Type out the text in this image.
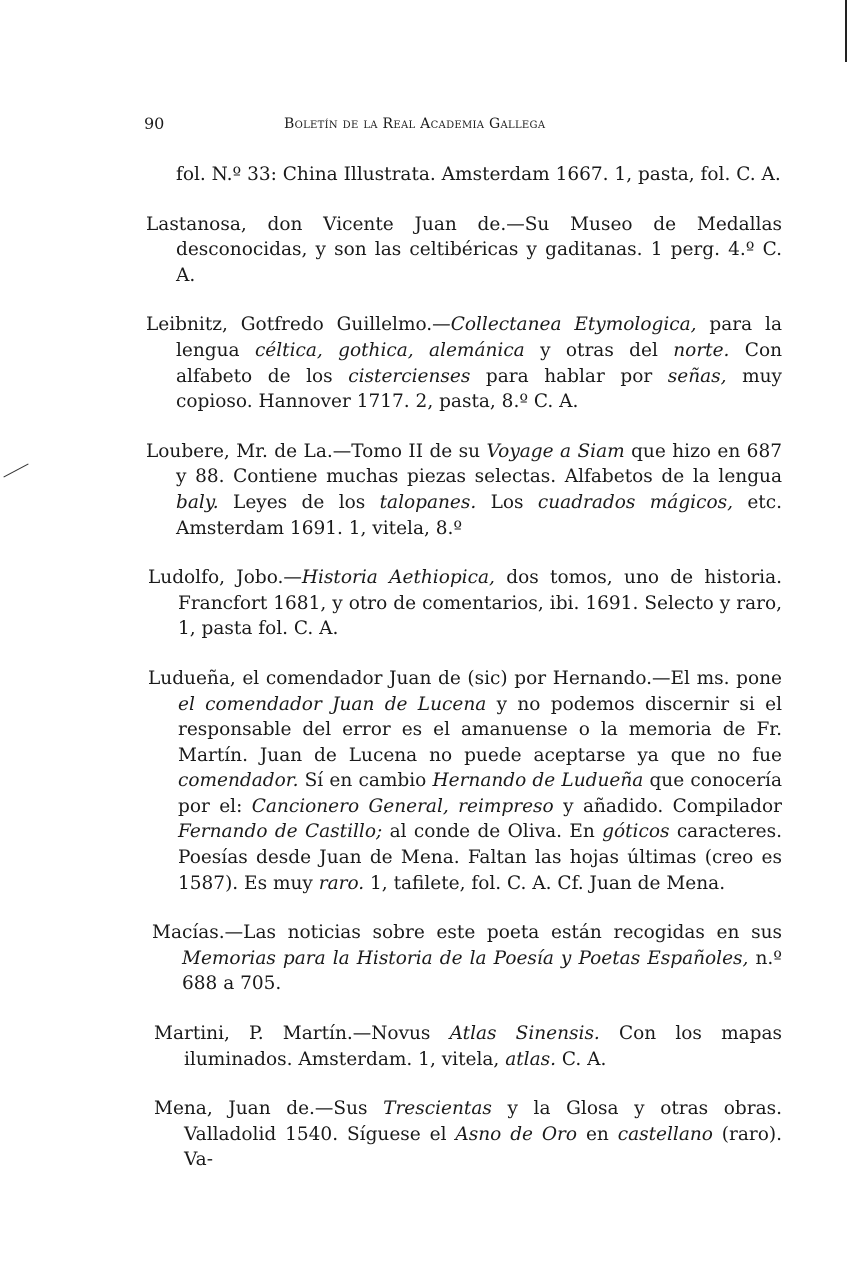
90	Boletín de la Real Academia Gallega

fol. N.º 33: China Illustrata. Amsterdam 1667. 1, pasta, fol. C. A.

Lastanosa, don Vicente Juan de.—Su Museo de Medallas desconocidas, y son las celtibéricas y gaditanas. 1 perg. 4.º C. A.

Leibnitz, Gotfredo Guillelmo.—Collectanea Etymologica, para la lengua céltica, gothica, alemánica y otras del norte. Con alfabeto de los cistercienses para hablar por señas, muy copioso. Hannover 1717. 2, pasta, 8.º C. A.

Loubere, Mr. de La.—Tomo II de su Voyage a Siam que hizo en 687 y 88. Contiene muchas piezas selectas. Alfabetos de la lengua baly. Leyes de los talopanes. Los cuadrados mágicos, etc. Amsterdam 1691. 1, vitela, 8.º

Ludolfo, Jobo.—Historia Aethiopica, dos tomos, uno de historia. Francfort 1681, y otro de comentarios, ibi. 1691. Selecto y raro, 1, pasta fol. C. A.

Ludueña, el comendador Juan de (sic) por Hernando.—El ms. pone el comendador Juan de Lucena y no podemos discernir si el responsable del error es el amanuense o la memoria de Fr. Martín. Juan de Lucena no puede aceptarse ya que no fue comendador. Sí en cambio Hernando de Ludueña que conocería por el: Cancionero General, reimpreso y añadido. Compilador Fernando de Castillo; al conde de Oliva. En góticos caracteres. Poesías desde Juan de Mena. Faltan las hojas últimas (creo es 1587). Es muy raro. 1, tafilete, fol. C. A. Cf. Juan de Mena.

Macías.—Las noticias sobre este poeta están recogidas en sus Memorias para la Historia de la Poesía y Poetas Españoles, n.º 688 a 705.

Martini, P. Martín.—Novus Atlas Sinensis. Con los mapas iluminados. Amsterdam. 1, vitela, atlas. C. A.

Mena, Juan de.—Sus Trescientas y la Glosa y otras obras. Valladolid 1540. Síguese el Asno de Oro en castellano (raro). Va-
